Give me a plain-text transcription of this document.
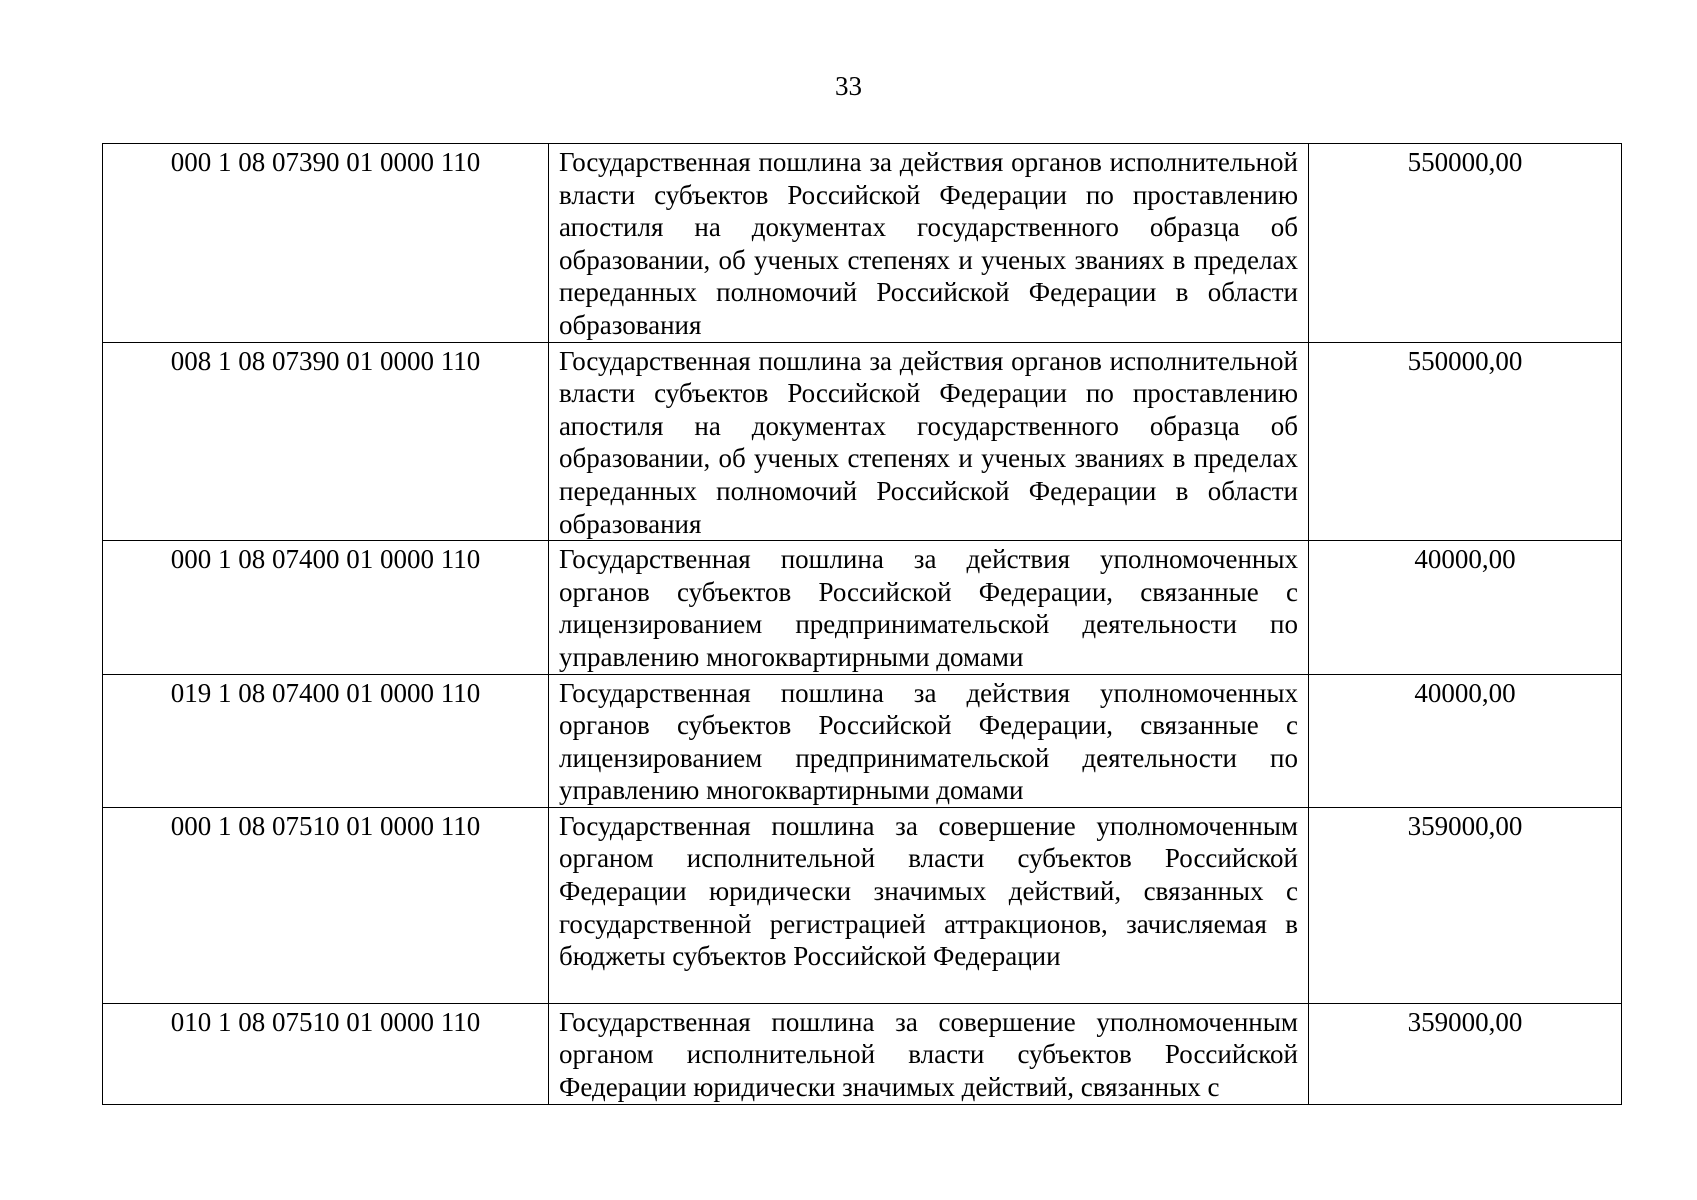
33
000 1 08 07390 01 0000 110	Государственная пошлина за действия органов исполнительной власти субъектов Российской Федерации по проставлению апостиля на документах государственного образца об образовании, об ученых степенях и ученых званиях в пределах переданных полномочий Российской Федерации в области образования	550000,00
008 1 08 07390 01 0000 110	Государственная пошлина за действия органов исполнительной власти субъектов Российской Федерации по проставлению апостиля на документах государственного образца об образовании, об ученых степенях и ученых званиях в пределах переданных полномочий Российской Федерации в области образования	550000,00
000 1 08 07400 01 0000 110	Государственная пошлина за действия уполномоченных органов субъектов Российской Федерации, связанные с лицензированием предпринимательской деятельности по управлению многоквартирными домами	40000,00
019 1 08 07400 01 0000 110	Государственная пошлина за действия уполномоченных органов субъектов Российской Федерации, связанные с лицензированием предпринимательской деятельности по управлению многоквартирными домами	40000,00
000 1 08 07510 01 0000 110	Государственная пошлина за совершение уполномоченным органом исполнительной власти субъектов Российской Федерации юридически значимых действий, связанных с государственной регистрацией аттракционов, зачисляемая в бюджеты субъектов Российской Федерации	359000,00
010 1 08 07510 01 0000 110	Государственная пошлина за совершение уполномоченным органом исполнительной власти субъектов Российской Федерации юридически значимых действий, связанных с	359000,00
